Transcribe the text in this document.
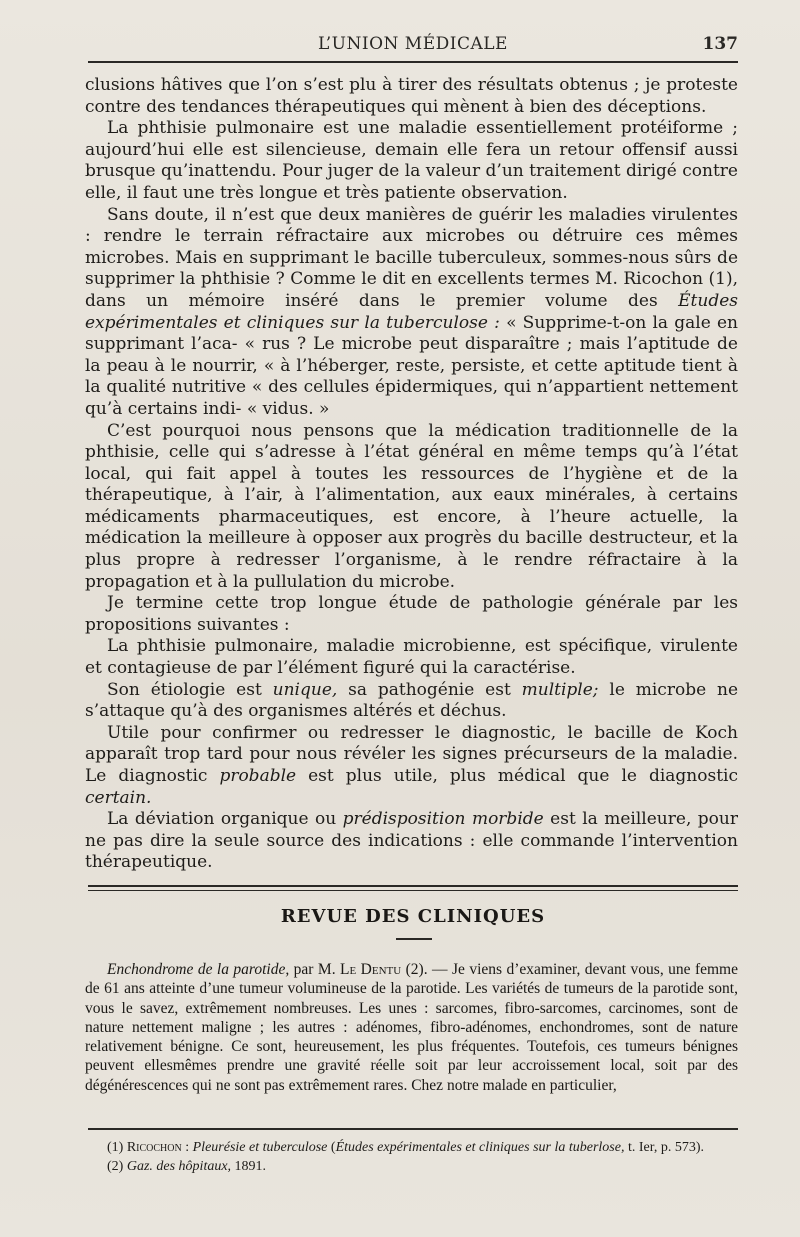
L’UNION MÉDICALE	137

clusions hâtives que l’on s’est plu à tirer des résultats obtenus ; je proteste contre des tendances thérapeutiques qui mènent à bien des déceptions.

La phthisie pulmonaire est une maladie essentiellement protéiforme ; aujourd’hui elle est silencieuse, demain elle fera un retour offensif aussi brusque qu’inattendu. Pour juger de la valeur d’un traitement dirigé contre elle, il faut une très longue et très patiente observation.

Sans doute, il n’est que deux manières de guérir les maladies virulentes : rendre le terrain réfractaire aux microbes ou détruire ces mêmes microbes. Mais en supprimant le bacille tuberculeux, sommes-nous sûrs de supprimer la phthisie ? Comme le dit en excellents termes M. Ricochon (1), dans un mémoire inséré dans le premier volume des Études expérimentales et cliniques sur la tuberculose : « Supprime-t-on la gale en supprimant l’aca- « rus ? Le microbe peut disparaître ; mais l’aptitude de la peau à le nourrir, « à l’héberger, reste, persiste, et cette aptitude tient à la qualité nutritive « des cellules épidermiques, qui n’appartient nettement qu’à certains indi- « vidus. »

C’est pourquoi nous pensons que la médication traditionnelle de la phthisie, celle qui s’adresse à l’état général en même temps qu’à l’état local, qui fait appel à toutes les ressources de l’hygiène et de la thérapeutique, à l’air, à l’alimentation, aux eaux minérales, à certains médicaments pharmaceutiques, est encore, à l’heure actuelle, la médication la meilleure à opposer aux progrès du bacille destructeur, et la plus propre à redresser l’organisme, à le rendre réfractaire à la propagation et à la pullulation du microbe.

Je termine cette trop longue étude de pathologie générale par les propositions suivantes :

La phthisie pulmonaire, maladie microbienne, est spécifique, virulente et contagieuse de par l’élément figuré qui la caractérise.

Son étiologie est unique, sa pathogénie est multiple; le microbe ne s’attaque qu’à des organismes altérés et déchus.

Utile pour confirmer ou redresser le diagnostic, le bacille de Koch apparaît trop tard pour nous révéler les signes précurseurs de la maladie. Le diagnostic probable est plus utile, plus médical que le diagnostic certain.

La déviation organique ou prédisposition morbide est la meilleure, pour ne pas dire la seule source des indications : elle commande l’intervention thérapeutique.

REVUE DES CLINIQUES

Enchondrome de la parotide, par M. Le Dentu (2). — Je viens d’examiner, devant vous, une femme de 61 ans atteinte d’une tumeur volumineuse de la parotide. Les variétés de tumeurs de la parotide sont, vous le savez, extrêmement nombreuses. Les unes : sarcomes, fibro-sarcomes, carcinomes, sont de nature nettement maligne ; les autres : adénomes, fibro-adénomes, enchondromes, sont de nature relativement bénigne. Ce sont, heureusement, les plus fréquentes. Toutefois, ces tumeurs bénignes peuvent ellesmêmes prendre une gravité réelle soit par leur accroissement local, soit par des dégénérescences qui ne sont pas extrêmement rares. Chez notre malade en particulier,

(1) Ricochon : Pleurésie et tuberculose (Études expérimentales et cliniques sur la tuberlose, t. Ier, p. 573).

(2) Gaz. des hôpitaux, 1891.
